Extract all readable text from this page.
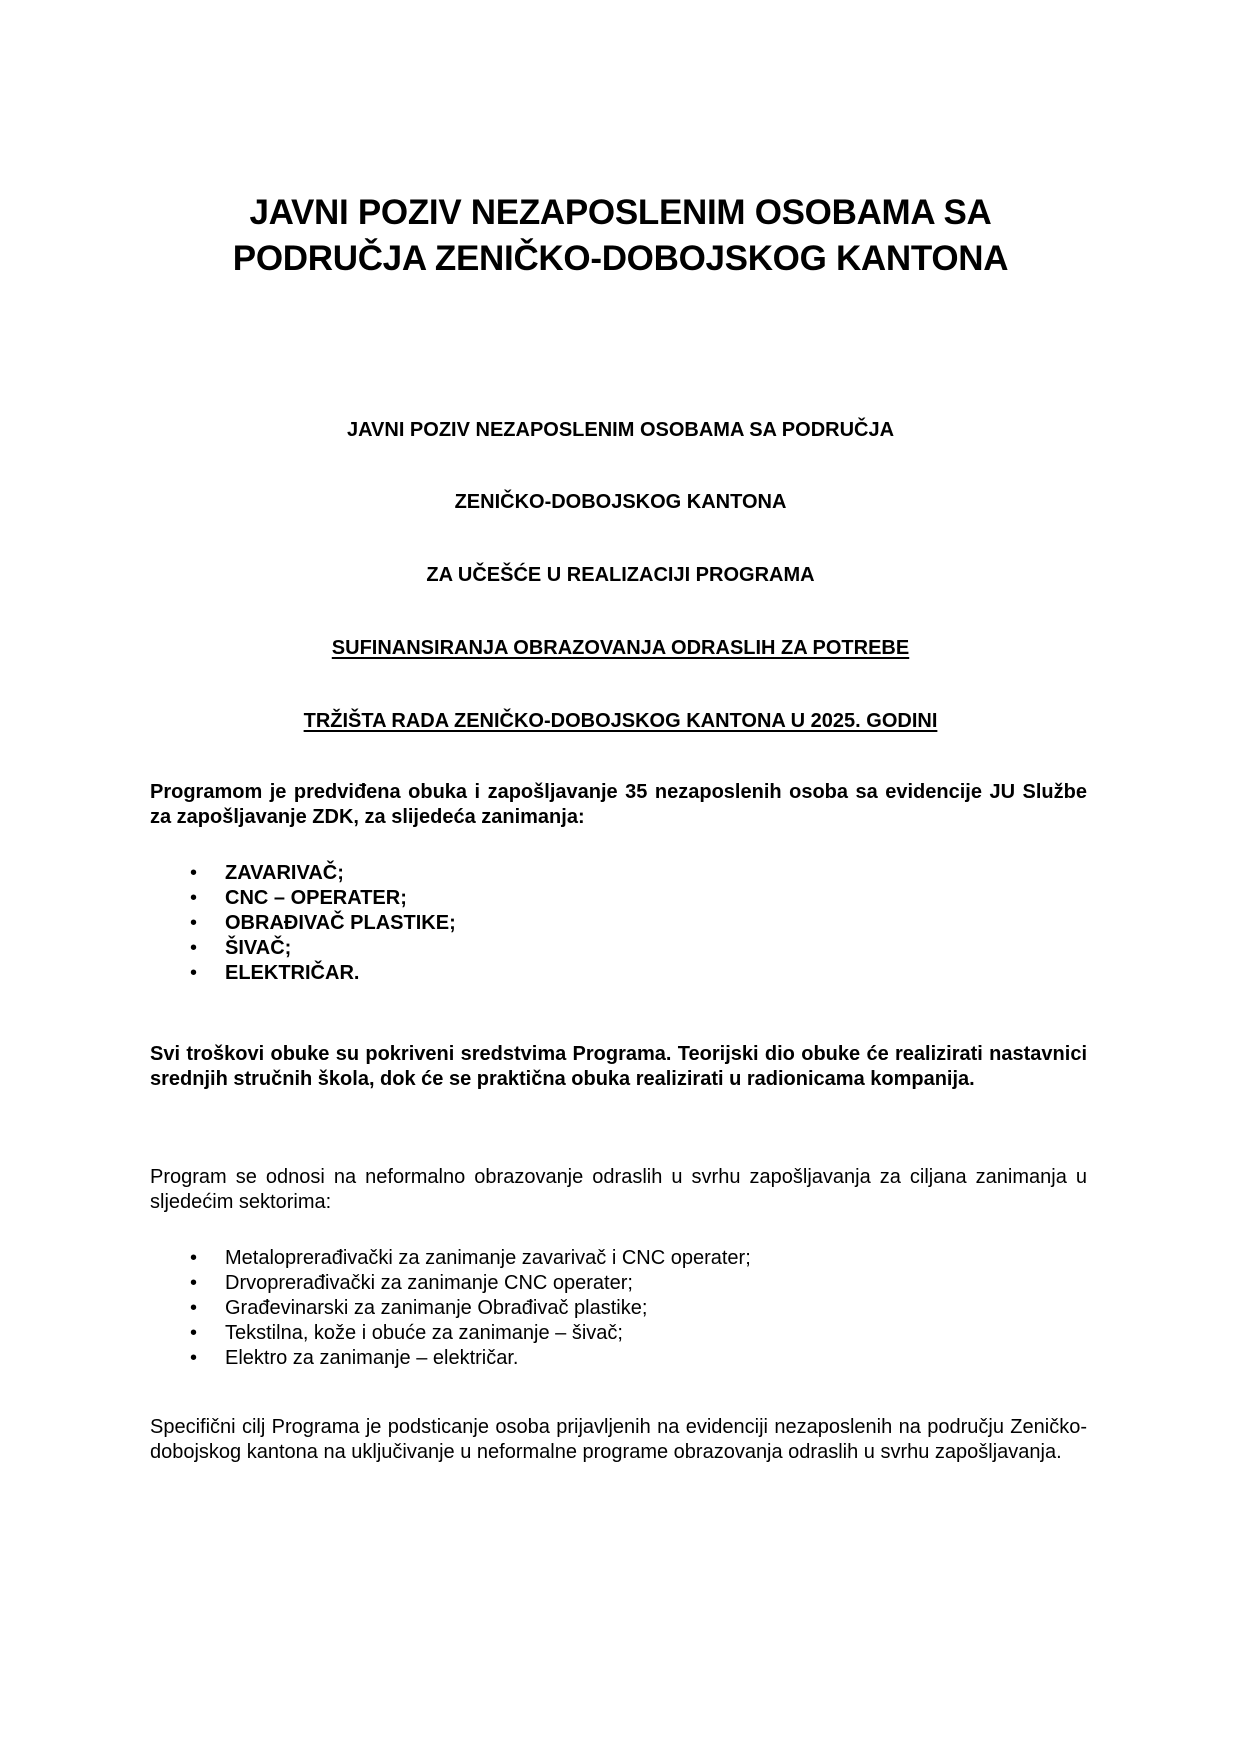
JAVNI POZIV NEZAPOSLENIM OSOBAMA SA
PODRUČJA ZENIČKO-DOBOJSKOG KANTONA

JAVNI POZIV NEZAPOSLENIM OSOBAMA SA PODRUČJA

ZENIČKO-DOBOJSKOG KANTONA

ZA UČEŠĆE U REALIZACIJI PROGRAMA

SUFINANSIRANJA OBRAZOVANJA ODRASLIH ZA POTREBE

TRŽIŠTA RADA ZENIČKO-DOBOJSKOG KANTONA U 2025. GODINI

Programom je predviđena obuka i zapošljavanje 35 nezaposlenih osoba sa evidencije JU Službe za zapošljavanje ZDK, za slijedeća zanimanja:

•	ZAVARIVAČ;
•	CNC – OPERATER;
•	OBRAĐIVAČ PLASTIKE;
•	ŠIVAČ;
•	ELEKTRIČAR.

Svi troškovi obuke su pokriveni sredstvima Programa. Teorijski dio obuke će realizirati nastavnici srednjih stručnih škola, dok će se praktična obuka realizirati u radionicama kompanija.

Program se odnosi na neformalno obrazovanje odraslih u svrhu zapošljavanja za ciljana zanimanja u sljedećim sektorima:

•	Metaloprerađivački za zanimanje zavarivač i CNC operater;
•	Drvoprerađivački za zanimanje CNC operater;
•	Građevinarski za zanimanje Obrađivač plastike;
•	Tekstilna, kože i obuće za zanimanje – šivač;
•	Elektro za zanimanje – električar.

Specifični cilj Programa je podsticanje osoba prijavljenih na evidenciji nezaposlenih na području Zeničko-dobojskog kantona na uključivanje u neformalne programe obrazovanja odraslih u svrhu zapošljavanja.
